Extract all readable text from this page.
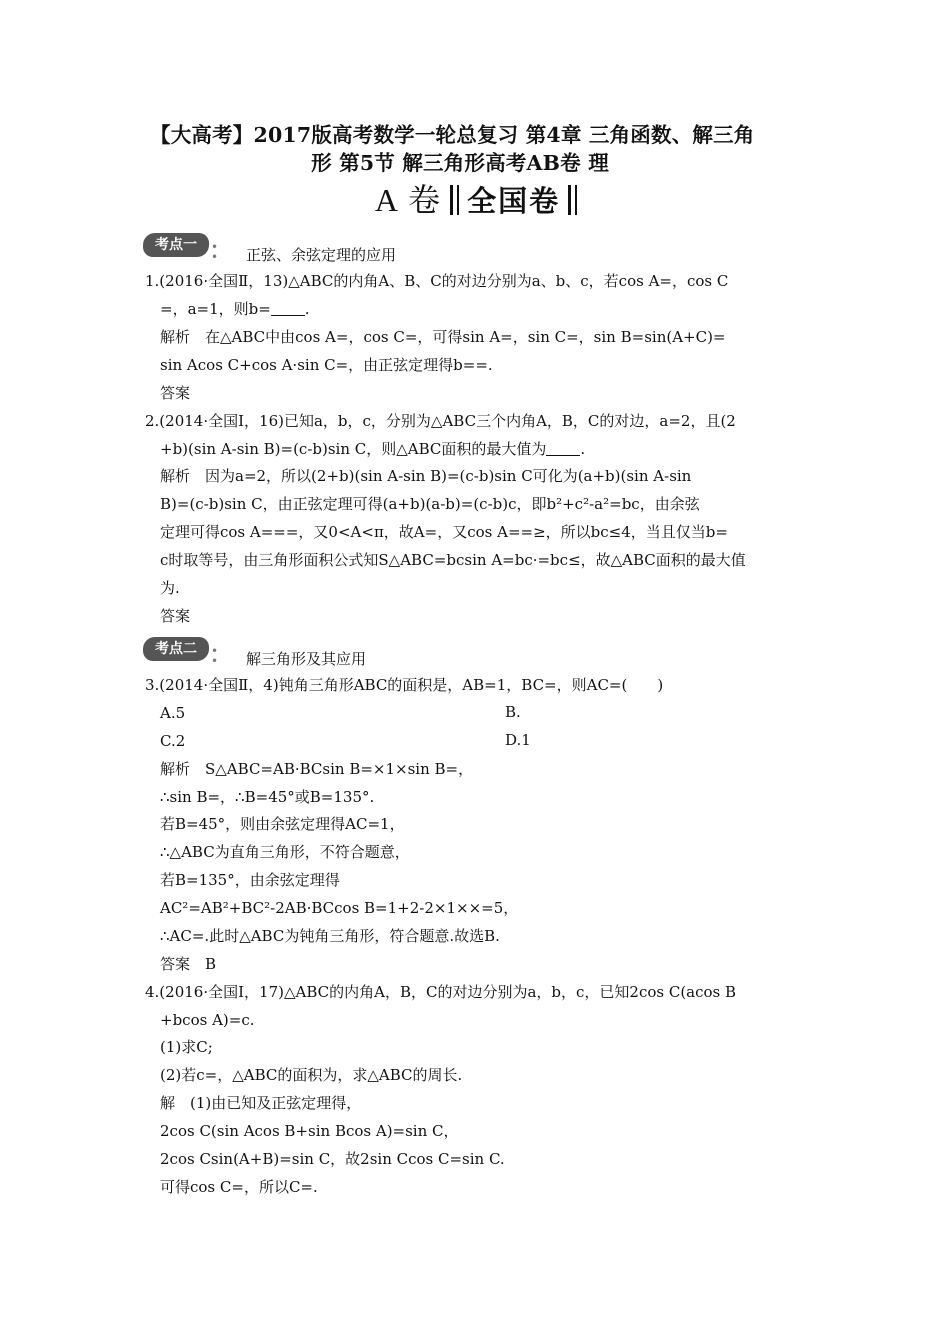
【大高考】2017版高考数学一轮总复习 第4章 三角函数、解三角

形 第5节 解三角形高考AB卷 理
A 卷 全国卷
考点一	• •	正弦、余弦定理的应用
1.(2016·全国Ⅱ，13)△ABC的内角A、B、C的对边分别为a、b、c，若cos A=，cos C
=，a=1，则b= .
解析　在△ABC中由cos A=，cos C=，可得sin A=，sin C=，sin B=sin(A+C)=
sin Acos C+cos A·sin C=，由正弦定理得b==.
答案
2.(2014·全国Ⅰ，16)已知a，b，c，分别为△ABC三个内角A，B，C的对边，a=2，且(2
+b)(sin A-sin B)=(c-b)sin C，则△ABC面积的最大值为 .
解析　因为a=2，所以(2+b)(sin A-sin B)=(c-b)sin C可化为(a+b)(sin A-sin
B)=(c-b)sin C，由正弦定理可得(a+b)(a-b)=(c-b)c，即b²+c²-a²=bc，由余弦
定理可得cos A===，又0<A<π，故A=，又cos A==≥，所以bc≤4，当且仅当b=
c时取等号，由三角形面积公式知S△ABC=bcsin A=bc·=bc≤，故△ABC面积的最大值
为.
答案
考点二	• •	解三角形及其应用
3.(2014·全国Ⅱ，4)钝角三角形ABC的面积是，AB=1，BC=，则AC=(　　)
A.5	B.
C.2	D.1
解析　S△ABC=AB·BCsin B=×1×sin B=，
∴sin B=，∴B=45°或B=135°.
若B=45°，则由余弦定理得AC=1，
∴△ABC为直角三角形，不符合题意，
若B=135°，由余弦定理得
AC²=AB²+BC²-2AB·BCcos B=1+2-2×1××=5，
∴AC=.此时△ABC为钝角三角形，符合题意.故选B.
答案　B
4.(2016·全国Ⅰ，17)△ABC的内角A，B，C的对边分别为a，b，c，已知2cos C(acos B
+bcos A)=c.
(1)求C;
(2)若c=，△ABC的面积为，求△ABC的周长.
解　(1)由已知及正弦定理得，
2cos C(sin Acos B+sin Bcos A)=sin C，
2cos Csin(A+B)=sin C，故2sin Ccos C=sin C.
可得cos C=，所以C=.
